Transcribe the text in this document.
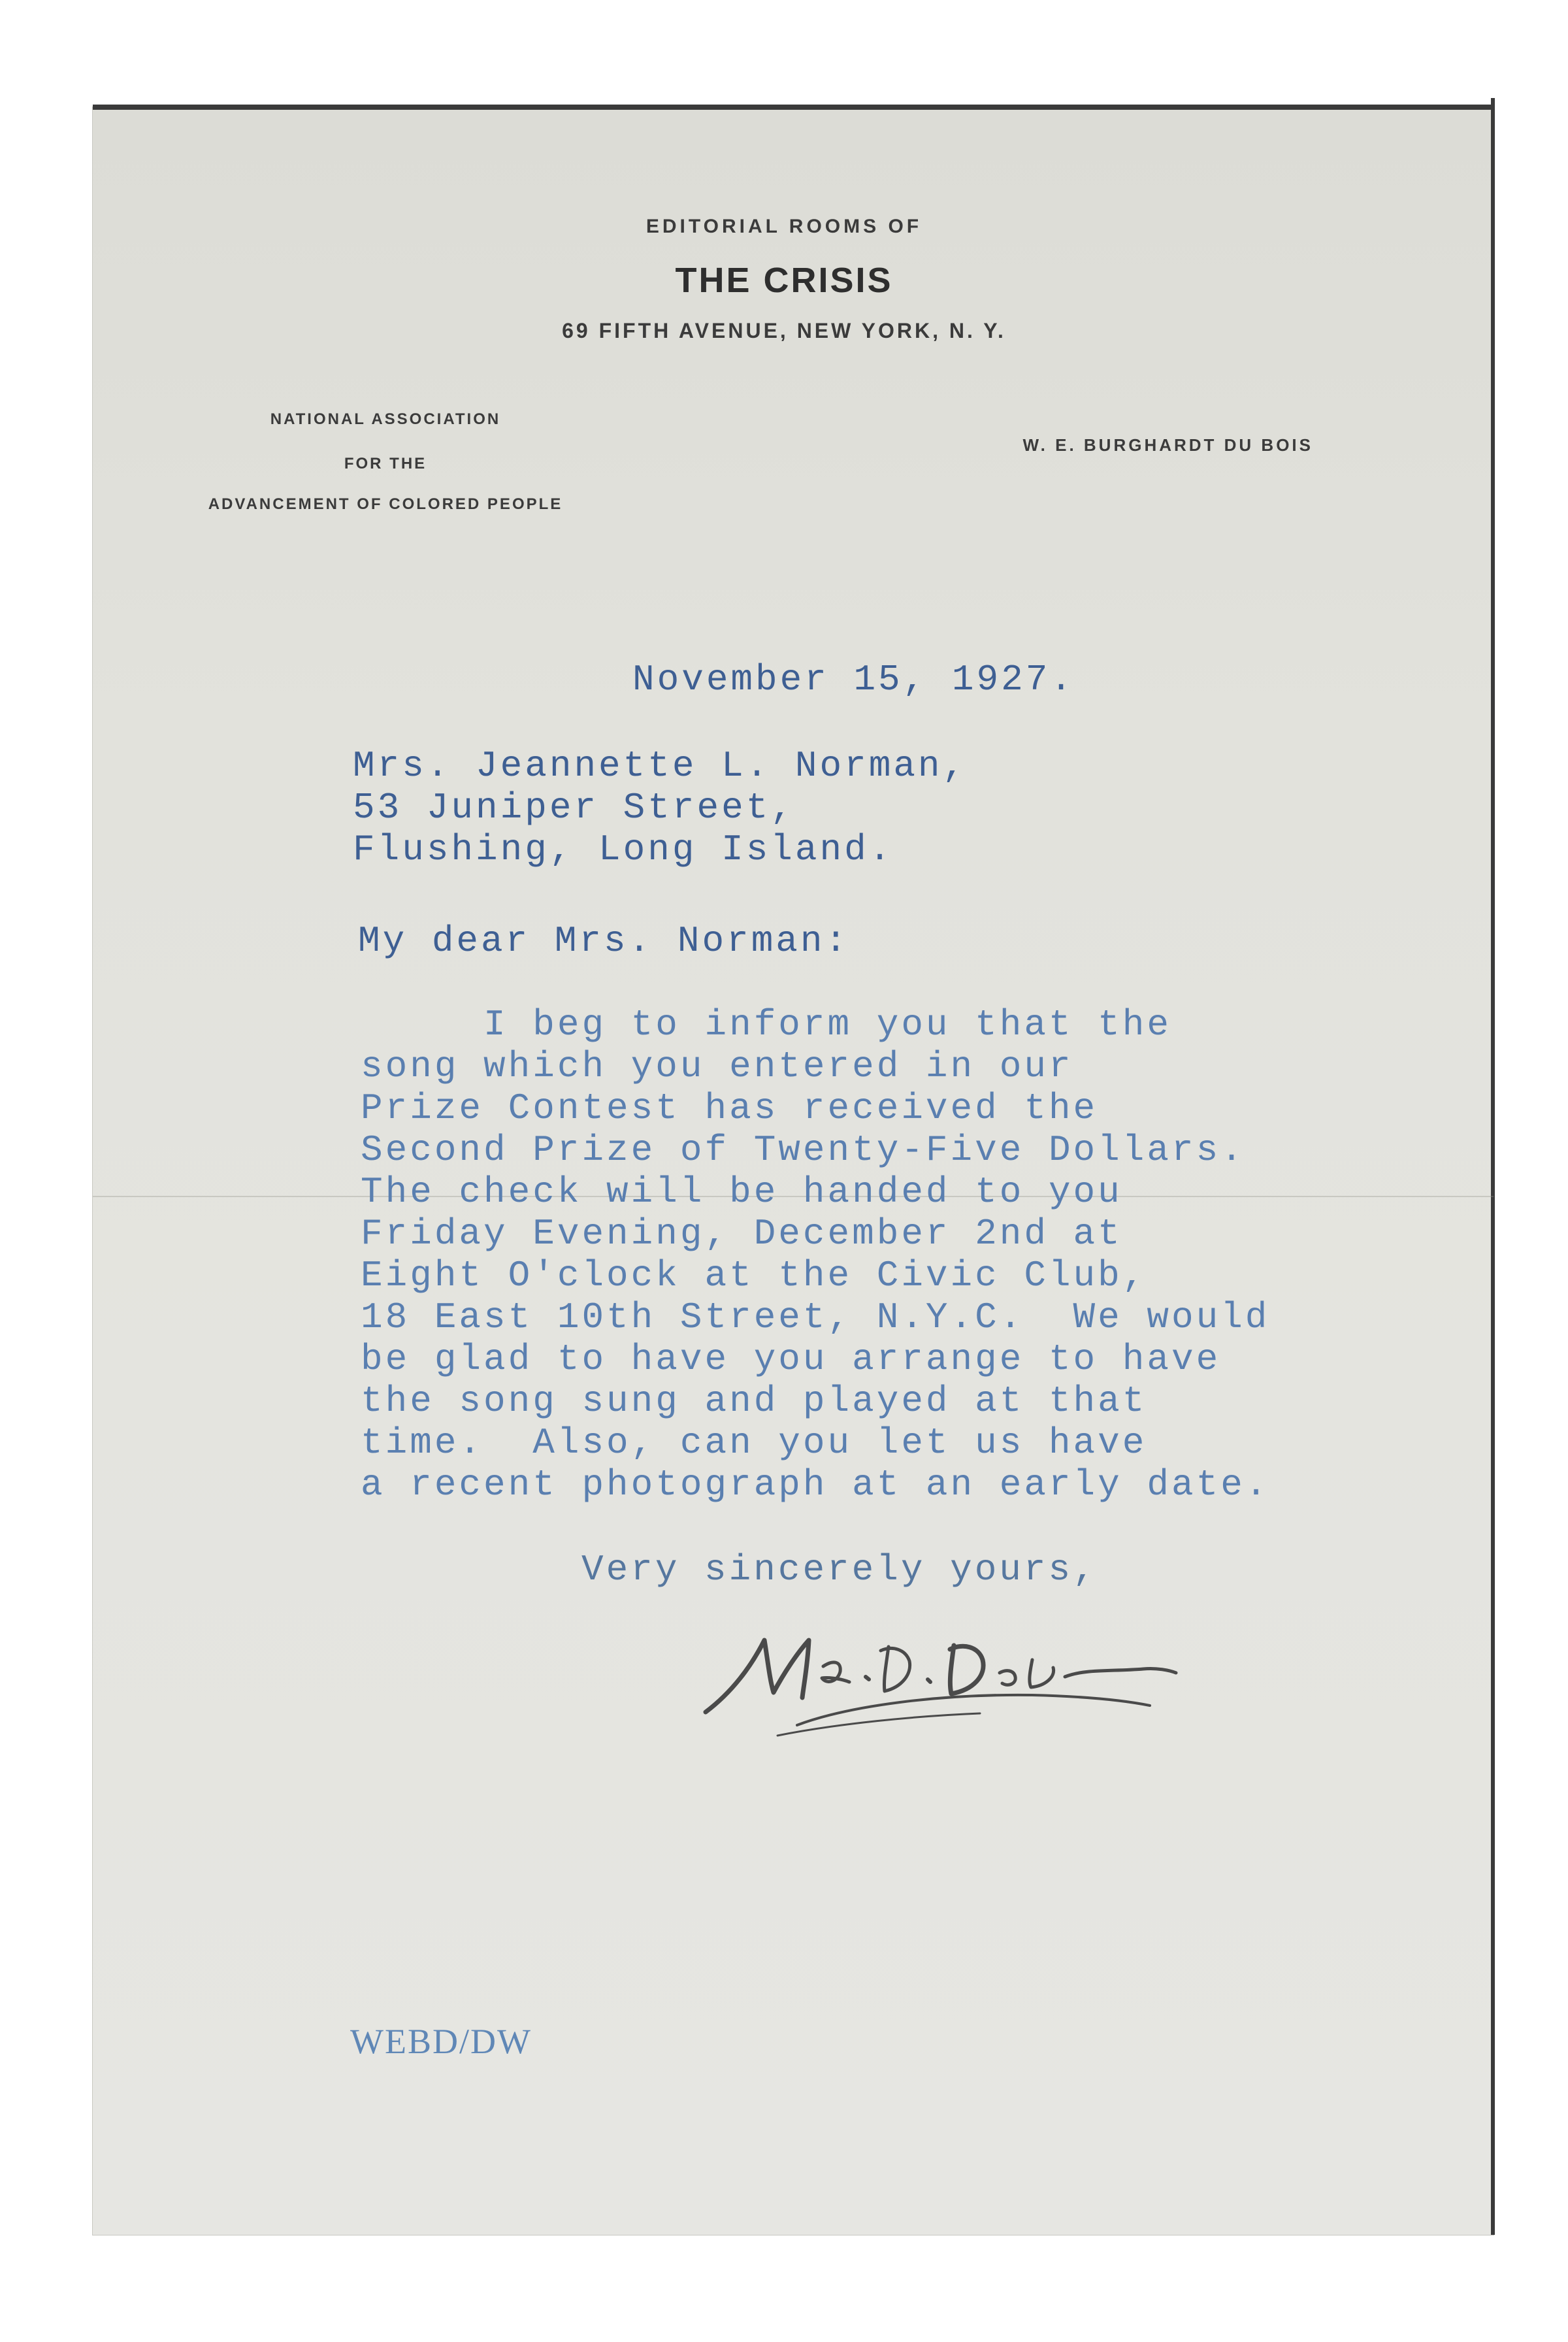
EDITORIAL ROOMS OF
THE CRISIS
69 FIFTH AVENUE, NEW YORK, N. Y.
NATIONAL ASSOCIATION
FOR THE
ADVANCEMENT OF COLORED PEOPLE
W. E. BURGHARDT DU BOIS
November 15, 1927.
Mrs. Jeannette L. Norman,
53 Juniper Street,
Flushing, Long Island.
My dear Mrs. Norman:
I beg to inform you that the
song which you entered in our
Prize Contest has received the
Second Prize of Twenty-Five Dollars.
The check will be handed to you
Friday Evening, December 2nd at
Eight O'clock at the Civic Club,
18 East 10th Street, N.Y.C.  We would
be glad to have you arrange to have
the song sung and played at that
time.  Also, can you let us have
a recent photograph at an early date.
Very sincerely yours,
WEBD/DW
